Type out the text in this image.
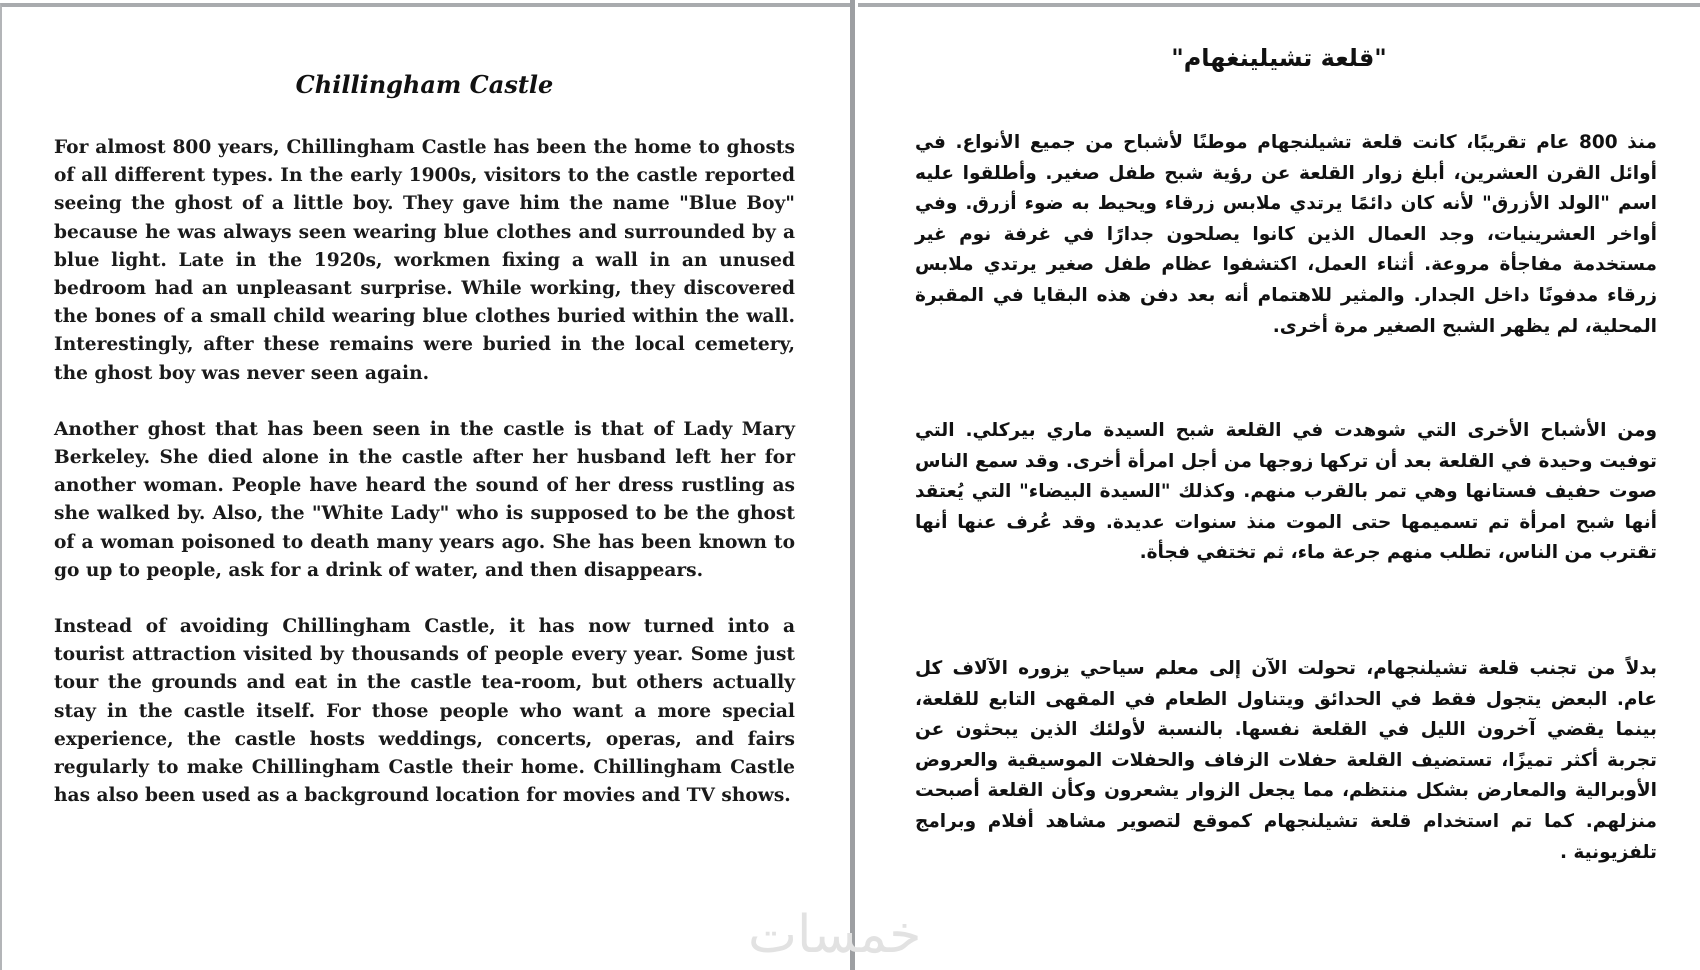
Chillingham Castle

For almost 800 years, Chillingham Castle has been the home to ghosts of all different types. In the early 1900s, visitors to the castle reported seeing the ghost of a little boy. They gave him the name "Blue Boy" because he was always seen wearing blue clothes and surrounded by a blue light. Late in the 1920s, workmen fixing a wall in an unused bedroom had an unpleasant surprise. While working, they discovered the bones of a small child wearing blue clothes buried within the wall. Interestingly, after these remains were buried in the local cemetery, the ghost boy was never seen again.

Another ghost that has been seen in the castle is that of Lady Mary Berkeley. She died alone in the castle after her husband left her for another woman. People have heard the sound of her dress rustling as she walked by. Also, the "White Lady" who is supposed to be the ghost of a woman poisoned to death many years ago. She has been known to go up to people, ask for a drink of water, and then disappears.

Instead of avoiding Chillingham Castle, it has now turned into a tourist attraction visited by thousands of people every year. Some just tour the grounds and eat in the castle tea-room, but others actually stay in the castle itself. For those people who want a more special experience, the castle hosts weddings, concerts, operas, and fairs regularly to make Chillingham Castle their home. Chillingham Castle has also been used as a background location for movies and TV shows.

"قلعة تشيلينغهام"
منذ 800 عام تقريبًا، كانت قلعة تشيلنجهام موطنًا لأشباح من جميع الأنواع. في أوائل القرن العشرين، أبلغ زوار القلعة عن رؤية شبح طفل صغير. وأطلقوا عليه اسم "الولد الأزرق" لأنه كان دائمًا يرتدي ملابس زرقاء ويحيط به ضوء أزرق. وفي أواخر العشرينيات، وجد العمال الذين كانوا يصلحون جدارًا في غرفة نوم غير مستخدمة مفاجأة مروعة. أثناء العمل، اكتشفوا عظام طفل صغير يرتدي ملابس زرقاء مدفونًا داخل الجدار. والمثير للاهتمام أنه بعد دفن هذه البقايا في المقبرة المحلية، لم يظهر الشبح الصغير مرة أخرى.
ومن الأشباح الأخرى التي شوهدت في القلعة شبح السيدة ماري بيركلي. التي توفيت وحيدة في القلعة بعد أن تركها زوجها من أجل امرأة أخرى. وقد سمع الناس صوت حفيف فستانها وهي تمر بالقرب منهم. وكذلك "السيدة البيضاء" التي يُعتقد أنها شبح امرأة تم تسميمها حتى الموت منذ سنوات عديدة. وقد عُرف عنها أنها تقترب من الناس، تطلب منهم جرعة ماء، ثم تختفي فجأة.
بدلاً من تجنب قلعة تشيلنجهام، تحولت الآن إلى معلم سياحي يزوره الآلاف كل عام. البعض يتجول فقط في الحدائق ويتناول الطعام في المقهى التابع للقلعة، بينما يقضي آخرون الليل في القلعة نفسها. بالنسبة لأولئك الذين يبحثون عن تجربة أكثر تميزًا، تستضيف القلعة حفلات الزفاف والحفلات الموسيقية والعروض الأوبرالية والمعارض بشكل منتظم، مما يجعل الزوار يشعرون وكأن القلعة أصبحت منزلهم. كما تم استخدام قلعة تشيلنجهام كموقع لتصوير مشاهد أفلام وبرامج تلفزيونية .
خمسات
